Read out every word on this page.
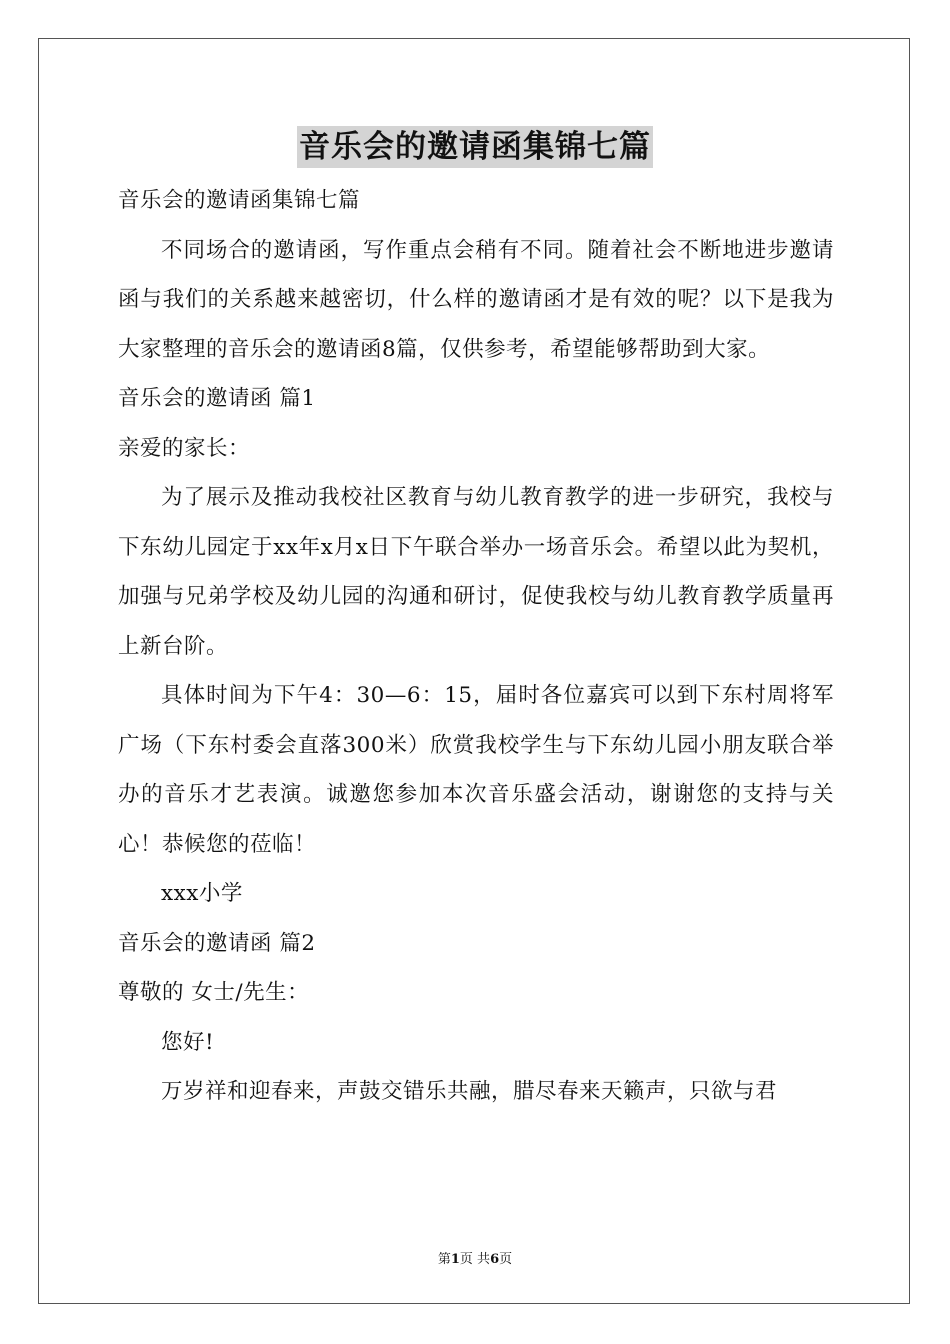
音乐会的邀请函集锦七篇
音乐会的邀请函集锦七篇
不同场合的邀请函，写作重点会稍有不同。随着社会不断地进步邀请函与我们的关系越来越密切，什么样的邀请函才是有效的呢？以下是我为大家整理的音乐会的邀请函8篇，仅供参考，希望能够帮助到大家。
音乐会的邀请函 篇1
亲爱的家长：
为了展示及推动我校社区教育与幼儿教育教学的进一步研究，我校与下东幼儿园定于xx年x月x日下午联合举办一场音乐会。希望以此为契机，加强与兄弟学校及幼儿园的沟通和研讨，促使我校与幼儿教育教学质量再上新台阶。
具体时间为下午4：30—6：15，届时各位嘉宾可以到下东村周将军广场（下东村委会直落300米）欣赏我校学生与下东幼儿园小朋友联合举办的音乐才艺表演。诚邀您参加本次音乐盛会活动，谢谢您的支持与关心！恭候您的莅临！
xxx小学
音乐会的邀请函 篇2
尊敬的 女士/先生：
您好!
万岁祥和迎春来，声鼓交错乐共融，腊尽春来天籁声，只欲与君
第1页 共6页
